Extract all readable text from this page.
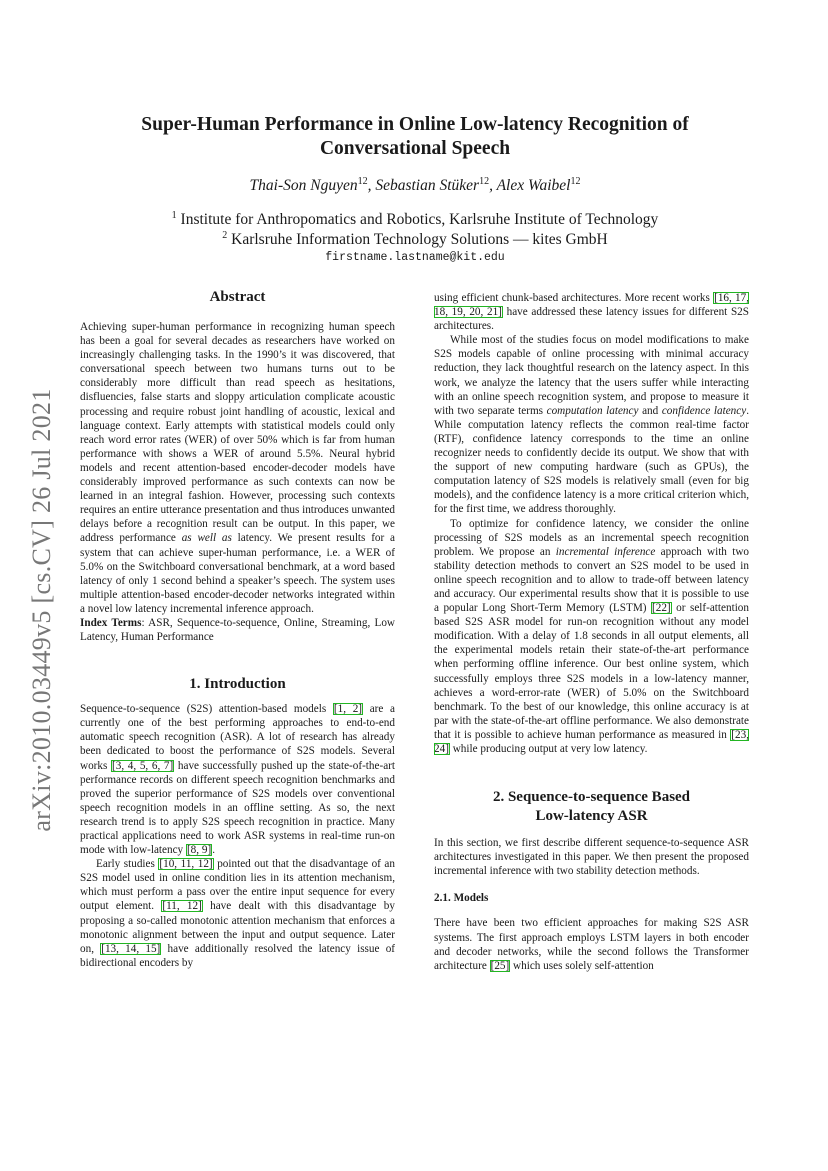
arXiv:2010.03449v5 [cs.CV] 26 Jul 2021
Super-Human Performance in Online Low-latency Recognition of
Conversational Speech
Thai-Son Nguyen$^{12}$, Sebastian Stüker$^{12}$, Alex Waibel$^{12}$
$^1$ Institute for Anthropomatics and Robotics, Karlsruhe Institute of Technology
$^2$ Karlsruhe Information Technology Solutions — kites GmbH
firstname.lastname@kit.edu
Abstract

Achieving super-human performance in recognizing human speech has been a goal for several decades as researchers have worked on increasingly challenging tasks. In the 1990’s it was discovered, that conversational speech between two humans turns out to be considerably more difficult than read speech as hesitations, disfluencies, false starts and sloppy articulation complicate acoustic processing and require robust joint handling of acoustic, lexical and language context. Early attempts with statistical models could only reach word error rates (WER) of over 50% which is far from human performance with shows a WER of around 5.5%. Neural hybrid models and recent attention-based encoder-decoder models have considerably improved performance as such contexts can now be learned in an integral fashion. However, processing such contexts requires an entire utterance presentation and thus introduces unwanted delays before a recognition result can be output. In this paper, we address performance as well as latency. We present results for a system that can achieve super-human performance, i.e. a WER of 5.0% on the Switchboard conversational benchmark, at a word based latency of only 1 second behind a speaker’s speech. The system uses multiple attention-based encoder-decoder networks integrated within a novel low latency incremental inference approach.

Index Terms: ASR, Sequence-to-sequence, Online, Streaming, Low Latency, Human Performance

1. Introduction

Sequence-to-sequence (S2S) attention-based models [1, 2] are a currently one of the best performing approaches to end-to-end automatic speech recognition (ASR). A lot of research has already been dedicated to boost the performance of S2S models. Several works [3, 4, 5, 6, 7] have successfully pushed up the state-of-the-art performance records on different speech recognition benchmarks and proved the superior performance of S2S models over conventional speech recognition models in an offline setting. As so, the next research trend is to apply S2S speech recognition in practice. Many practical applications need to work ASR systems in real-time run-on mode with low-latency [8, 9].

Early studies [10, 11, 12] pointed out that the disadvantage of an S2S model used in online condition lies in its attention mechanism, which must perform a pass over the entire input sequence for every output element. [11, 12] have dealt with this disadvantage by proposing a so-called monotonic attention mechanism that enforces a monotonic alignment between the input and output sequence. Later on, [13, 14, 15] have additionally resolved the latency issue of bidirectional encoders by

using efficient chunk-based architectures. More recent works [16, 17, 18, 19, 20, 21] have addressed these latency issues for different S2S architectures.

While most of the studies focus on model modifications to make S2S models capable of online processing with minimal accuracy reduction, they lack thoughtful research on the latency aspect. In this work, we analyze the latency that the users suffer while interacting with an online speech recognition system, and propose to measure it with two separate terms computation latency and confidence latency. While computation latency reflects the common real-time factor (RTF), confidence latency corresponds to the time an online recognizer needs to confidently decide its output. We show that with the support of new computing hardware (such as GPUs), the computation latency of S2S models is relatively small (even for big models), and the confidence latency is a more critical criterion which, for the first time, we address thoroughly.

To optimize for confidence latency, we consider the online processing of S2S models as an incremental speech recognition problem. We propose an incremental inference approach with two stability detection methods to convert an S2S model to be used in online speech recognition and to allow to trade-off between latency and accuracy. Our experimental results show that it is possible to use a popular Long Short-Term Memory (LSTM) [22] or self-attention based S2S ASR model for run-on recognition without any model modification. With a delay of 1.8 seconds in all output elements, all the experimental models retain their state-of-the-art performance when performing offline inference. Our best online system, which successfully employs three S2S models in a low-latency manner, achieves a word-error-rate (WER) of 5.0% on the Switchboard benchmark. To the best of our knowledge, this online accuracy is at par with the state-of-the-art offline performance. We also demonstrate that it is possible to achieve human performance as measured in [23, 24] while producing output at very low latency.

2. Sequence-to-sequence Based
Low-latency ASR

In this section, we first describe different sequence-to-sequence ASR architectures investigated in this paper. We then present the proposed incremental inference with two stability detection methods.

2.1. Models

There have been two efficient approaches for making S2S ASR systems. The first approach employs LSTM layers in both encoder and decoder networks, while the second follows the Transformer architecture [25] which uses solely self-attention
